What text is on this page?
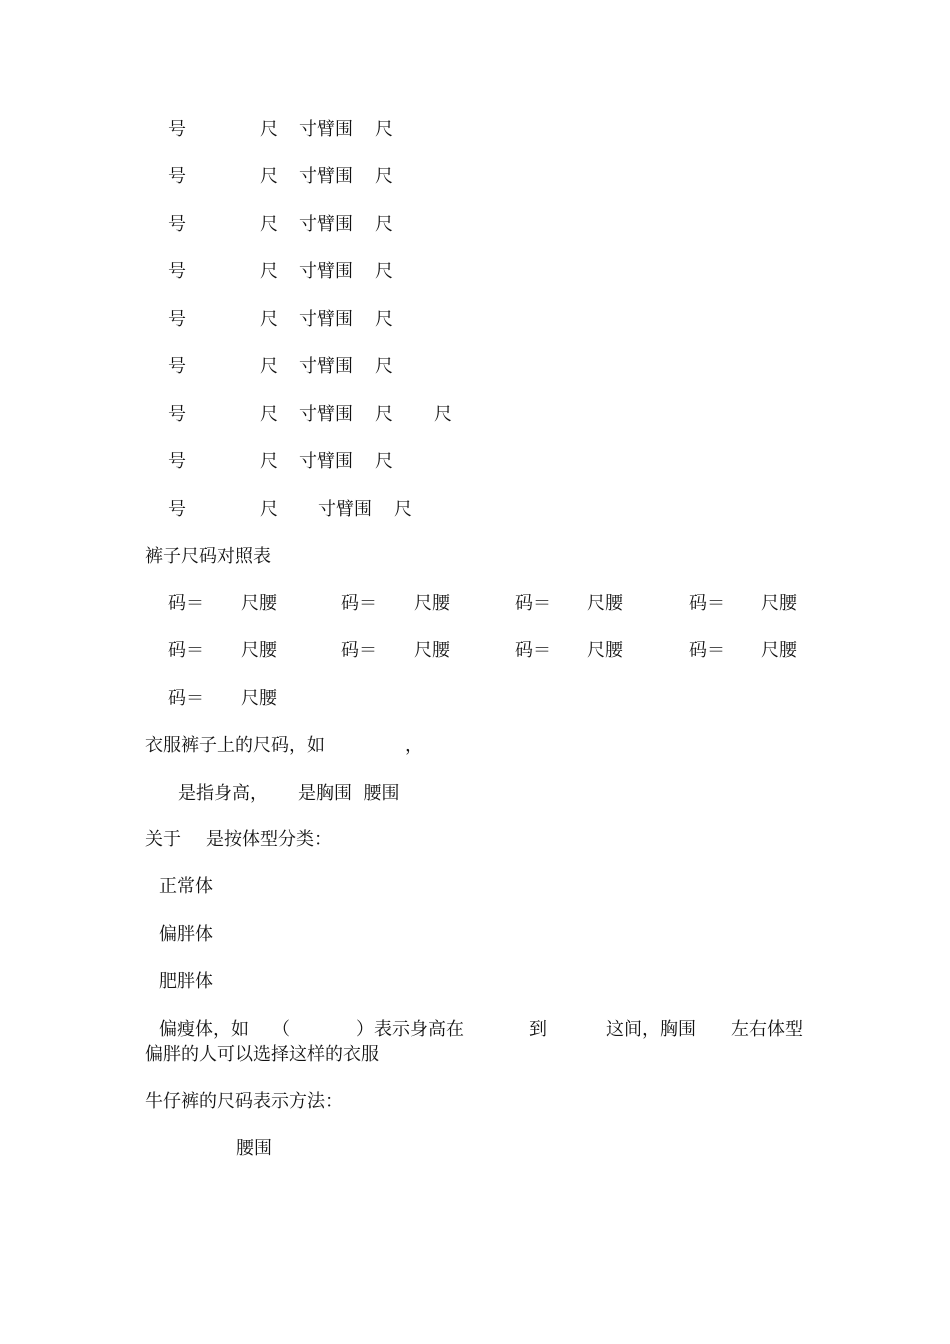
号	尺 寸臂围 尺
号	尺 寸臂围 尺
号	尺 寸臂围 尺
号	尺 寸臂围 尺
号	尺 寸臂围 尺
号	尺 寸臂围 尺
号	尺 寸臂围 尺 尺
号	尺 寸臂围 尺
号	尺 寸臂围 尺
裤子尺码对照表
码＝ 尺腰	码＝ 尺腰	码＝ 尺腰	码＝ 尺腰
码＝ 尺腰	码＝ 尺腰	码＝ 尺腰	码＝ 尺腰
码＝ 尺腰
衣服裤子上的尺码，如	，
是指身高， 是胸围  腰围
关于 是按体型分类：
正常体
偏胖体
肥胖体
偏瘦体，如 （	）表示身高在	到	这间，胸围 左右体型
偏胖的人可以选择这样的衣服
牛仔裤的尺码表示方法：
腰围
